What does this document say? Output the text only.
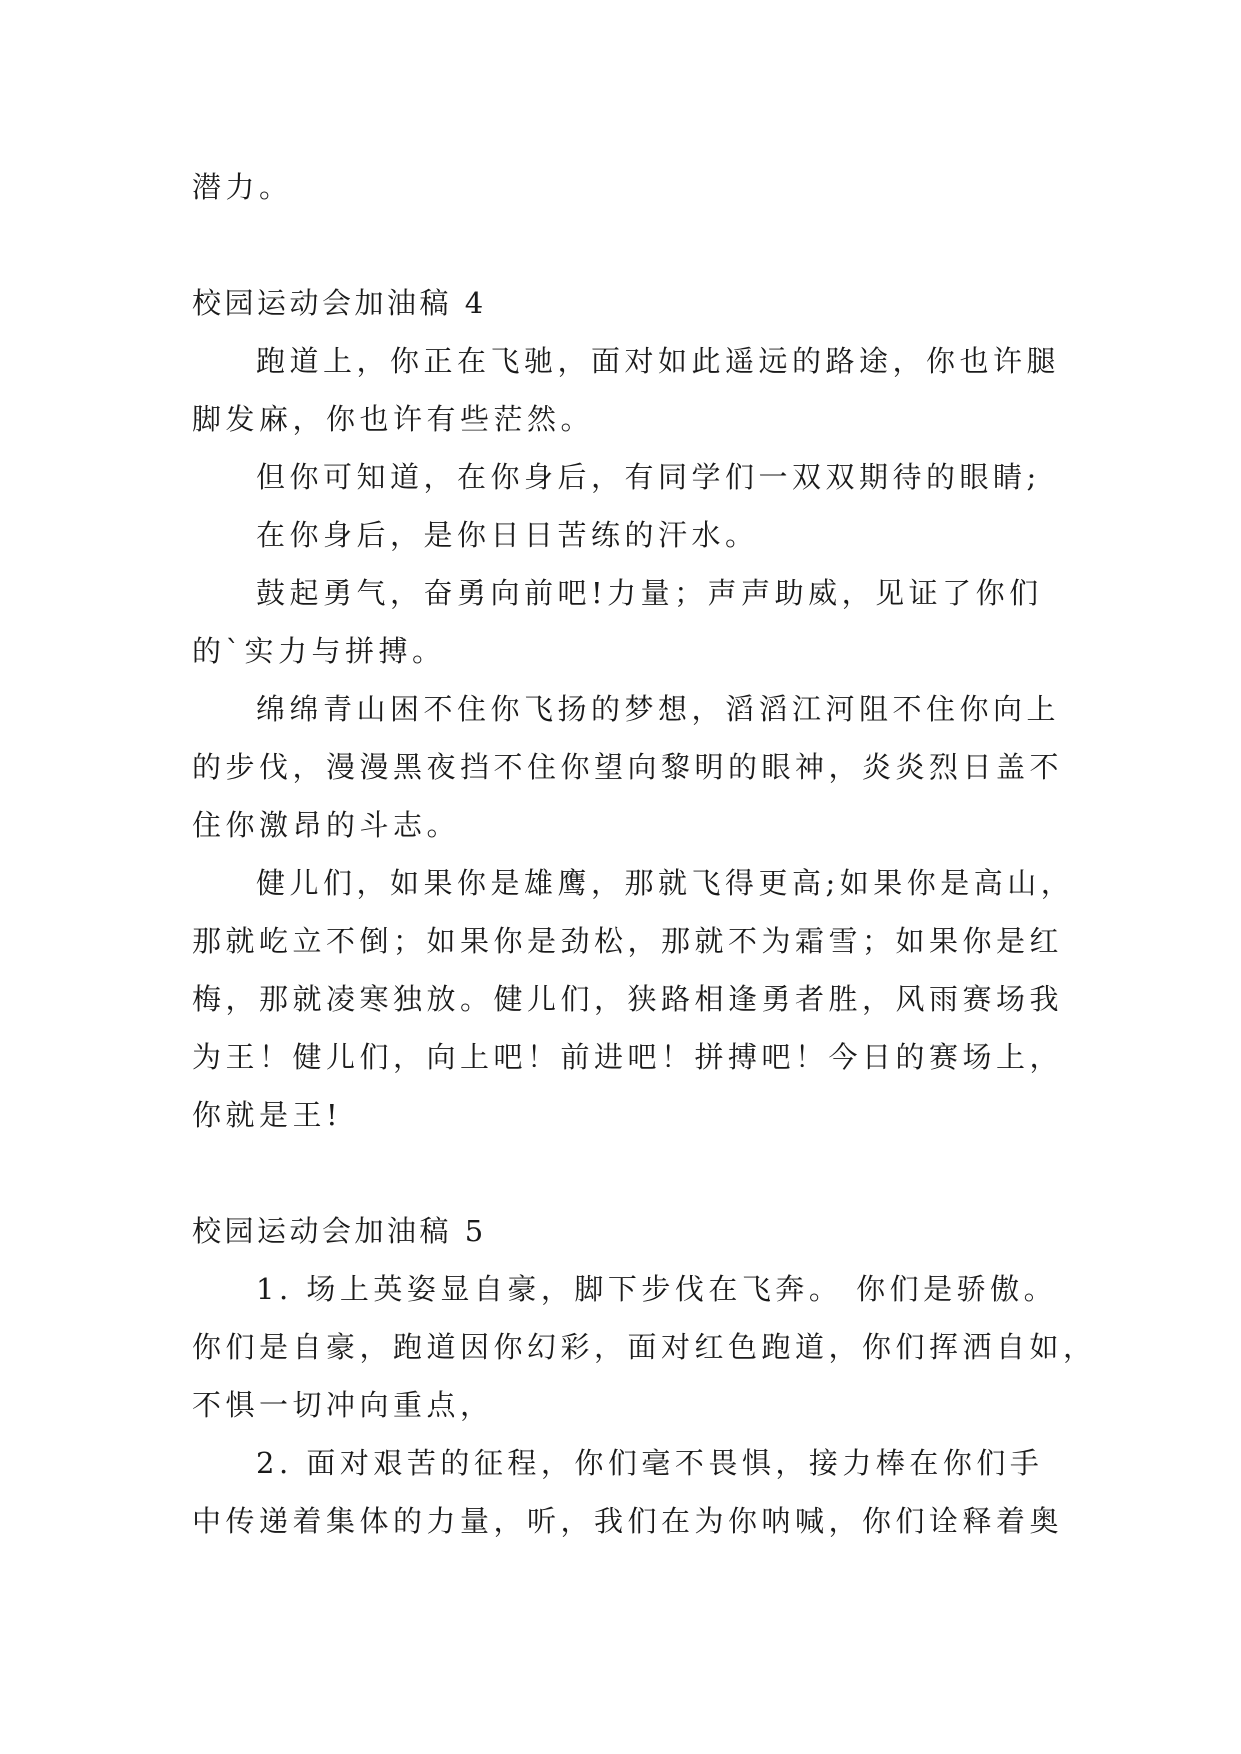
潜力。
校园运动会加油稿 4
跑道上，你正在飞驰，面对如此遥远的路途，你也许腿
脚发麻，你也许有些茫然。
但你可知道，在你身后，有同学们一双双期待的眼睛;
在你身后，是你日日苦练的汗水。
鼓起勇气，奋勇向前吧!力量；声声助威，见证了你们
的`实力与拼搏。
绵绵青山困不住你飞扬的梦想，滔滔江河阻不住你向上
的步伐，漫漫黑夜挡不住你望向黎明的眼神，炎炎烈日盖不
住你激昂的斗志。
健儿们，如果你是雄鹰，那就飞得更高;如果你是高山，
那就屹立不倒；如果你是劲松，那就不为霜雪；如果你是红
梅，那就凌寒独放。健儿们，狭路相逢勇者胜，风雨赛场我
为王！健儿们，向上吧！前进吧！拼搏吧！今日的赛场上，
你就是王!
校园运动会加油稿 5
1. 场上英姿显自豪，脚下步伐在飞奔。 你们是骄傲。
你们是自豪，跑道因你幻彩，面对红色跑道，你们挥洒自如，
不惧一切冲向重点，
2. 面对艰苦的征程，你们毫不畏惧，接力棒在你们手
中传递着集体的力量，听，我们在为你呐喊，你们诠释着奥
